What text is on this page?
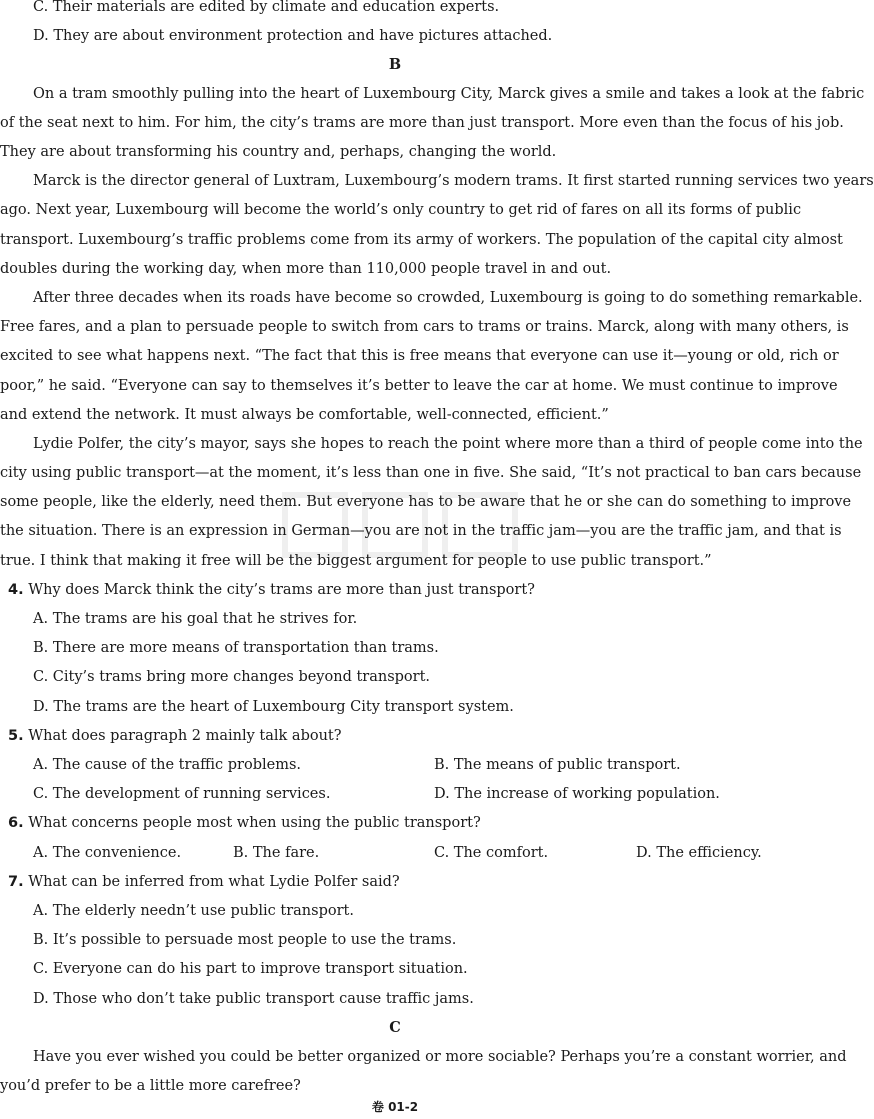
C. Their materials are edited by climate and education experts.
D. They are about environment protection and have pictures attached.
B
On a tram smoothly pulling into the heart of Luxembourg City, Marck gives a smile and takes a look at the fabric
of the seat next to him. For him, the city’s trams are more than just transport. More even than the focus of his job.
They are about transforming his country and, perhaps, changing the world.
Marck is the director general of Luxtram, Luxembourg’s modern trams. It first started running services two years
ago. Next year, Luxembourg will become the world’s only country to get rid of fares on all its forms of public
transport. Luxembourg’s traffic problems come from its army of workers. The population of the capital city almost
doubles during the working day, when more than 110,000 people travel in and out.
After three decades when its roads have become so crowded, Luxembourg is going to do something remarkable.
Free fares, and a plan to persuade people to switch from cars to trams or trains. Marck, along with many others, is
excited to see what happens next. “The fact that this is free means that everyone can use it—young or old, rich or
poor,” he said. “Everyone can say to themselves it’s better to leave the car at home. We must continue to improve
and extend the network. It must always be comfortable, well-connected, efficient.”
Lydie Polfer, the city’s mayor, says she hopes to reach the point where more than a third of people come into the
city using public transport—at the moment, it’s less than one in five. She said, “It’s not practical to ban cars because
some people, like the elderly, need them. But everyone has to be aware that he or she can do something to improve
the situation. There is an expression in German—you are not in the traffic jam—you are the traffic jam, and that is
true. I think that making it free will be the biggest argument for people to use public transport.”
4. Why does Marck think the city’s trams are more than just transport?
A. The trams are his goal that he strives for.
B. There are more means of transportation than trams.
C. City’s trams bring more changes beyond transport.
D. The trams are the heart of Luxembourg City transport system.
5. What does paragraph 2 mainly talk about?
A. The cause of the traffic problems.	B. The means of public transport.
C. The development of running services.	D. The increase of working population.
6. What concerns people most when using the public transport?
A. The convenience.	B. The fare.	C. The comfort.	D. The efficiency.
7. What can be inferred from what Lydie Polfer said?
A. The elderly needn’t use public transport.
B. It’s possible to persuade most people to use the trams.
C. Everyone can do his part to improve transport situation.
D. Those who don’t take public transport cause traffic jams.
C
Have you ever wished you could be better organized or more sociable? Perhaps you’re a constant worrier, and
you’d prefer to be a little more carefree?
卷 01-2
